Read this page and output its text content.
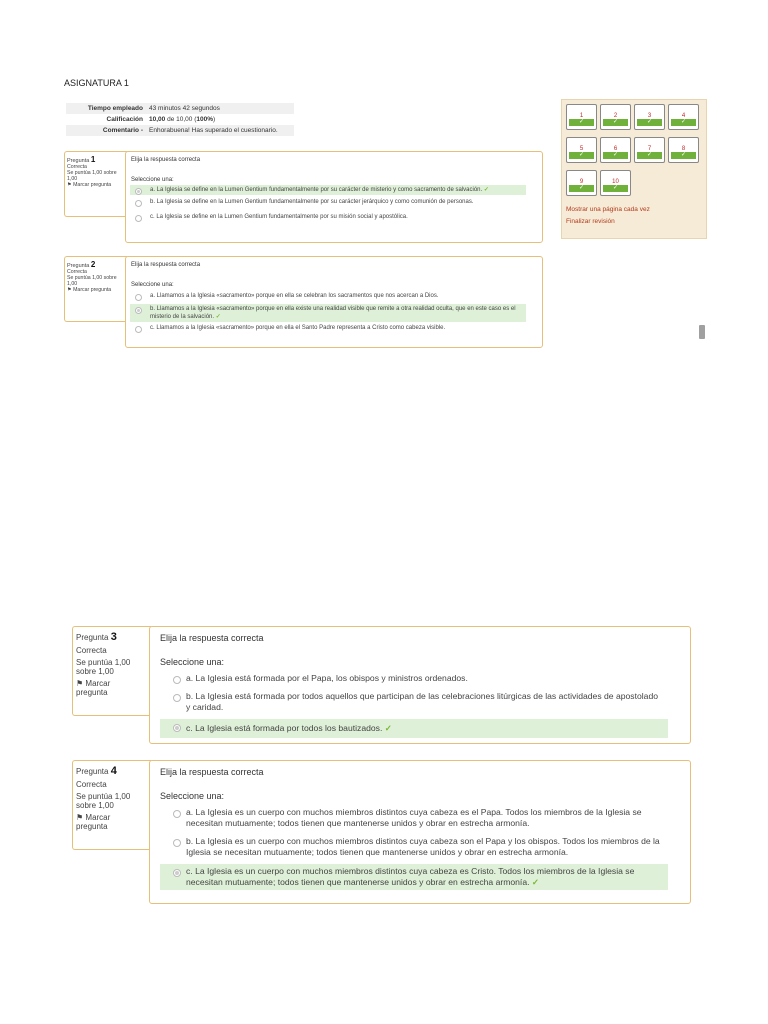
ASIGNATURA 1
Tiempo empleado	43 minutos 42 segundos
Calificación	10,00 de 10,00 (100%)
Comentario -	Enhorabuena! Has superado el cuestionario.
Pregunta 1
Correcta
Se puntúa 1,00 sobre 1,00
⚑ Marcar pregunta
Elija la respuesta correcta
Seleccione una:
a. La Iglesia se define en la Lumen Gentium fundamentalmente por su carácter de misterio y como sacramento de salvación. ✓
b. La Iglesia se define en la Lumen Gentium fundamentalmente por su carácter jerárquico y como comunión de personas.
c. La Iglesia se define en la Lumen Gentium fundamentalmente por su misión social y apostólica.
Pregunta 2
Correcta
Se puntúa 1,00 sobre 1,00
⚑ Marcar pregunta
Elija la respuesta correcta
Seleccione una:
a. Llamamos a la Iglesia «sacramento» porque en ella se celebran los sacramentos que nos acercan a Dios.
b. Llamamos a la Iglesia «sacramento» porque en ella existe una realidad visible que remite a otra realidad oculta, que en este caso es el misterio de la salvación. ✓
c. Llamamos a la Iglesia «sacramento» porque en ella el Santo Padre representa a Cristo como cabeza visible.
1
✓
2
✓
3
✓
4
✓
5
✓
6
✓
7
✓
8
✓
9
✓
10
✓
Mostrar una página cada vez
Finalizar revisión
Pregunta 3
Correcta
Se puntúa 1,00 sobre 1,00
⚑ Marcar pregunta
Elija la respuesta correcta
Seleccione una:
a. La Iglesia está formada por el Papa, los obispos y ministros ordenados.
b. La Iglesia está formada por todos aquellos que participan de las celebraciones litúrgicas de las actividades de apostolado y caridad.
c. La Iglesia está formada por todos los bautizados. ✓
Pregunta 4
Correcta
Se puntúa 1,00 sobre 1,00
⚑ Marcar pregunta
Elija la respuesta correcta
Seleccione una:
a. La Iglesia es un cuerpo con muchos miembros distintos cuya cabeza es el Papa. Todos los miembros de la Iglesia se necesitan mutuamente; todos tienen que mantenerse unidos y obrar en estrecha armonía.
b. La Iglesia es un cuerpo con muchos miembros distintos cuya cabeza son el Papa y los obispos. Todos los miembros de la Iglesia se necesitan mutuamente; todos tienen que mantenerse unidos y obrar en estrecha armonía.
c. La Iglesia es un cuerpo con muchos miembros distintos cuya cabeza es Cristo. Todos los miembros de la Iglesia se necesitan mutuamente; todos tienen que mantenerse unidos y obrar en estrecha armonía. ✓
